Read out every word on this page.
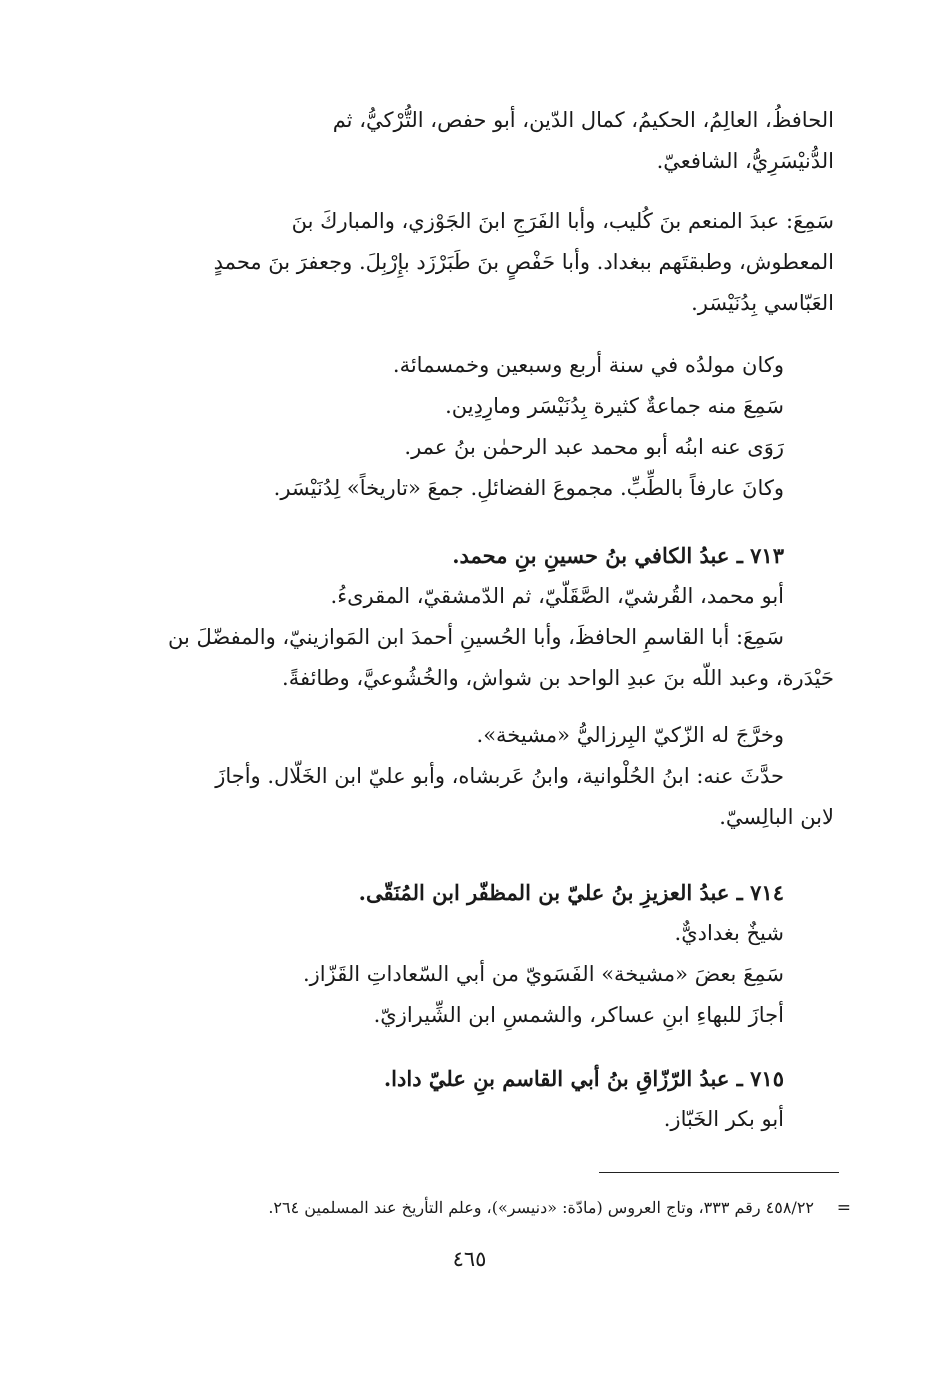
الحافظُ، العالِمُ، الحكيمُ، كمال الدّين، أبو حفص، التُّرْكيُّ، ثم
الدُّنيْسَرِيُّ، الشافعيّ.
سَمِعَ: عبدَ المنعم بنَ كُليب، وأبا الفَرَجِ ابنَ الجَوْزي، والمباركَ بنَ
المعطوش، وطبقتَهم ببغداد. وأبا حَفْصٍ بنَ طَبَرْزَد بإِرْبِلَ. وجعفرَ بنَ محمدٍ
العَبّاسي بِدُنَيْسَر.
وكان مولدُه في سنة أربع وسبعين وخمسمائة.
سَمِعَ منه جماعةٌ كثيرة بِدُنَيْسَر ومارِدِين.
رَوَى عنه ابنُه أبو محمد عبد الرحمٰن بنُ عمر.
وكانَ عارفاً بالطِّبِّ. مجموعَ الفضائلِ. جمعَ «تاريخاً» لِدُنَيْسَر.
٧١٣ ـ عبدُ الكافي بنُ حسينِ بنِ محمد.
أبو محمد، القُرشيّ، الصَّقَلّيّ، ثم الدّمشقيّ، المقرىءُ.
سَمِعَ: أبا القاسمِ الحافظَ، وأبا الحُسينِ أحمدَ ابن المَوازينيّ، والمفضّلَ بن
حَيْدَرة، وعبد اللّه بنَ عبدِ الواحد بن شواش، والخُشُوعيَّ، وطائفةً.
وخرَّجَ له الزّكيّ البِرزاليُّ «مشيخة».
حدَّثَ عنه: ابنُ الحُلْوانية، وابنُ عَربشاه، وأبو عليّ ابن الخَلّال. وأجازَ
لابن البالِسيّ.
٧١٤ ـ عبدُ العزيزِ بنُ عليّ بن المظفّر ابن المُنَقّى.
شيخٌ بغداديٌّ.
سَمِعَ بعضَ «مشيخة» الفَسَويّ من أبي السّعاداتِ القَزّاز.
أجازَ للبهاءِ ابنِ عساكر، والشمسِ ابن الشِّيرازيّ.
٧١٥ ـ عبدُ الرّزّاقِ بنُ أبي القاسم بنِ عليّ دادا.
أبو بكر الخَبّاز.
=
٤٥٨/٢٢ رقم ٣٣٣، وتاج العروس (مادّة: «دنيسر»)، وعلم التأريخ عند المسلمين ٢٦٤.
٤٦٥
